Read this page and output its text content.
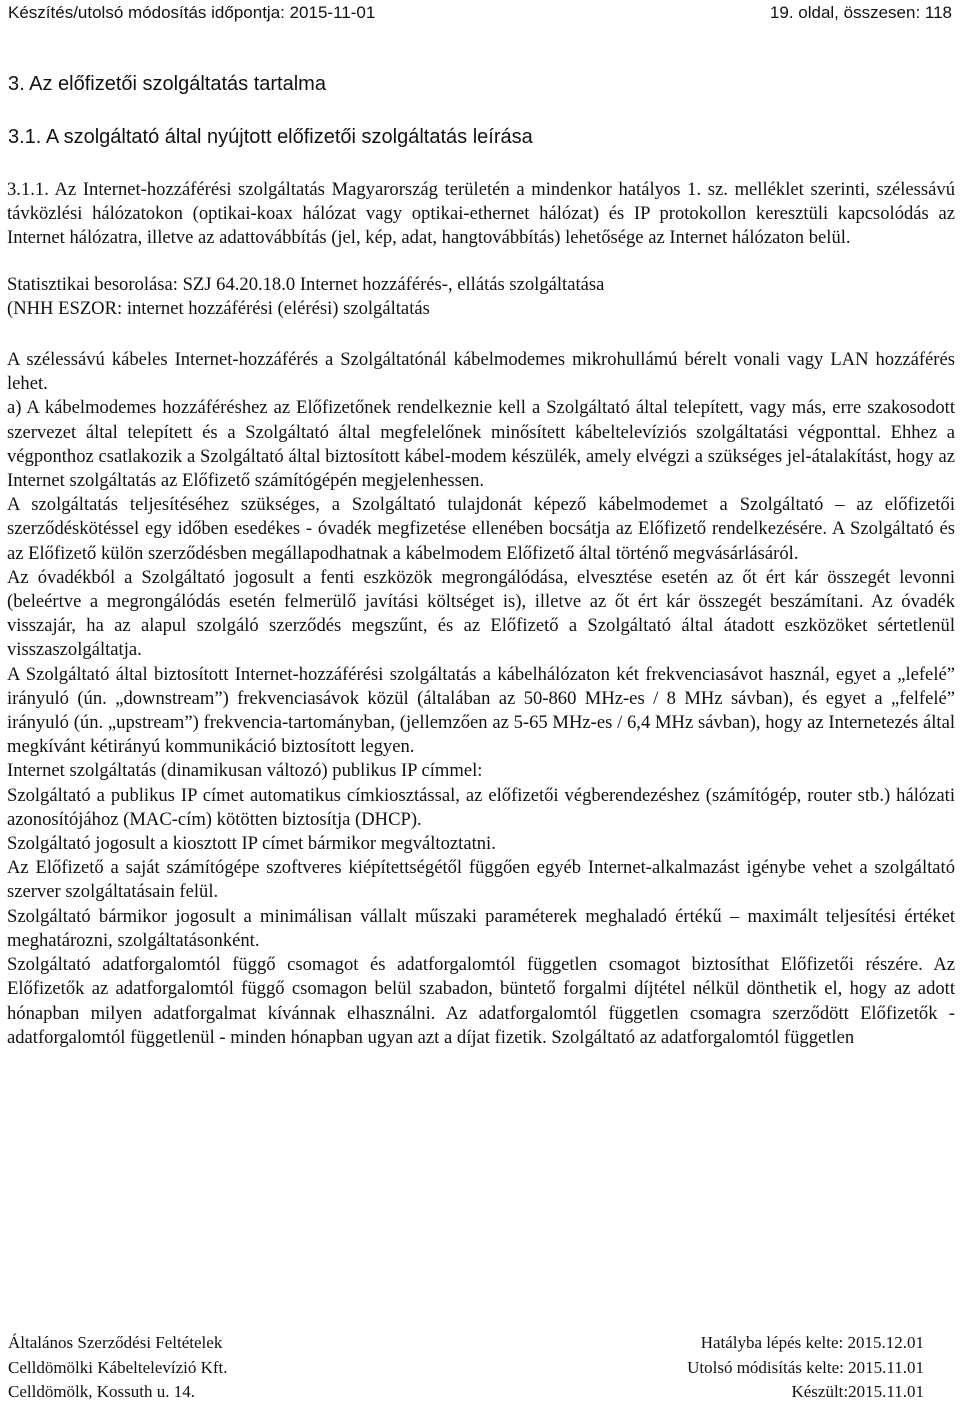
Készítés/utolsó módosítás időpontja: 2015-11-01	19. oldal, összesen: 118
3. Az előfizetői szolgáltatás tartalma
3.1. A szolgáltató által nyújtott előfizetői szolgáltatás leírása

3.1.1. Az Internet-hozzáférési szolgáltatás Magyarország területén a mindenkor hatályos 1. sz. melléklet szerinti, szélessávú távközlési hálózatokon (optikai-koax hálózat vagy optikai-ethernet hálózat) és IP protokollon keresztüli kapcsolódás az Internet hálózatra, illetve az adattovábbítás (jel, kép, adat, hangtovábbítás) lehetősége az Internet hálózaton belül.

Statisztikai besorolása: SZJ 64.20.18.0 Internet hozzáférés-, ellátás szolgáltatása

(NHH ESZOR: internet hozzáférési (elérési) szolgáltatás

A szélessávú kábeles Internet-hozzáférés a Szolgáltatónál kábelmodemes mikrohullámú bérelt vonali vagy LAN hozzáférés lehet.

a) A kábelmodemes hozzáféréshez az Előfizetőnek rendelkeznie kell a Szolgáltató által telepített, vagy más, erre szakosodott szervezet által telepített és a Szolgáltató által megfelelőnek minősített kábeltelevíziós szolgáltatási végponttal. Ehhez a végponthoz csatlakozik a Szolgáltató által biztosított kábel-modem készülék, amely elvégzi a szükséges jel-átalakítást, hogy az Internet szolgáltatás az Előfizető számítógépén megjelenhessen.

A szolgáltatás teljesítéséhez szükséges, a Szolgáltató tulajdonát képező kábelmodemet a Szolgáltató – az előfizetői szerződéskötéssel egy időben esedékes - óvadék megfizetése ellenében bocsátja az Előfizető rendelkezésére. A Szolgáltató és az Előfizető külön szerződésben megállapodhatnak a kábelmodem Előfizető által történő megvásárlásáról.

Az óvadékból a Szolgáltató jogosult a fenti eszközök megrongálódása, elvesztése esetén az őt ért kár összegét levonni (beleértve a megrongálódás esetén felmerülő javítási költséget is), illetve az őt ért kár összegét beszámítani. Az óvadék visszajár, ha az alapul szolgáló szerződés megszűnt, és az Előfizető a Szolgáltató által átadott eszközöket sértetlenül visszaszolgáltatja.

A Szolgáltató által biztosított Internet-hozzáférési szolgáltatás a kábelhálózaton két frekvenciasávot használ, egyet a „lefelé” irányuló (ún. „downstream”) frekvenciasávok közül (általában az 50-860 MHz-es / 8 MHz sávban), és egyet a „felfelé” irányuló (ún. „upstream”) frekvencia-tartományban, (jellemzően az 5-65 MHz-es / 6,4 MHz sávban), hogy az Internetezés által megkívánt kétirányú kommunikáció biztosított legyen.

Internet szolgáltatás (dinamikusan változó) publikus IP címmel:

Szolgáltató a publikus IP címet automatikus címkiosztással, az előfizetői végberendezéshez (számítógép, router stb.) hálózati azonosítójához (MAC-cím) kötötten biztosítja (DHCP).

Szolgáltató jogosult a kiosztott IP címet bármikor megváltoztatni.

Az Előfizető a saját számítógépe szoftveres kiépítettségétől függően egyéb Internet-alkalmazást igénybe vehet a szolgáltató szerver szolgáltatásain felül.

Szolgáltató bármikor jogosult a minimálisan vállalt műszaki paraméterek meghaladó értékű – maximált teljesítési értéket meghatározni, szolgáltatásonként.

Szolgáltató adatforgalomtól függő csomagot és adatforgalomtól független csomagot biztosíthat Előfizetői részére. Az Előfizetők az adatforgalomtól függő csomagon belül szabadon, büntető forgalmi díjtétel nélkül dönthetik el, hogy az adott hónapban milyen adatforgalmat kívánnak elhasználni. Az adatforgalomtól független csomagra szerződött Előfizetők - adatforgalomtól függetlenül - minden hónapban ugyan azt a díjat fizetik. Szolgáltató az adatforgalomtól független

Általános Szerződési Feltételek	Hatályba lépés kelte: 2015.12.01
Celldömölki Kábeltelevízió Kft.	Utolsó módisítás kelte: 2015.11.01
Celldömölk, Kossuth u. 14.	Készült:2015.11.01
